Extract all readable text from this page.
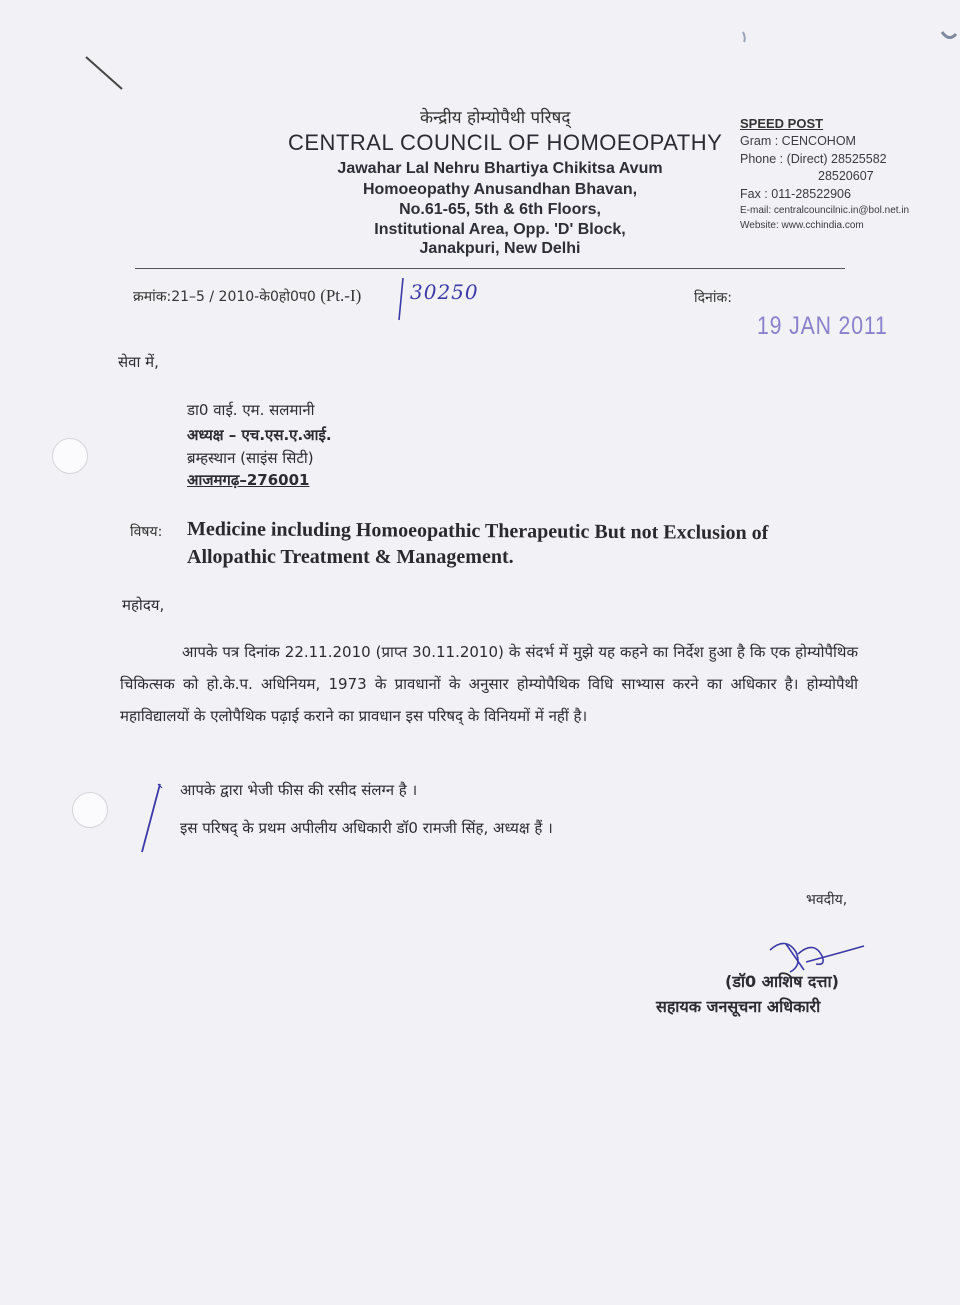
केन्द्रीय होम्योपैथी परिषद्
CENTRAL COUNCIL OF HOMOEOPATHY
Jawahar Lal Nehru Bhartiya Chikitsa Avum
Homoeopathy Anusandhan Bhavan,
No.61-65, 5th & 6th Floors,
Institutional Area, Opp. 'D' Block,
Janakpuri, New Delhi
SPEED POST
Gram : CENCOHOM
Phone : (Direct) 28525582
28520607
Fax : 011-28522906
E-mail: centralcouncilnic.in@bol.net.in
Website: www.cchindia.com
क्रमांक:21–5 / 2010-के0हो0प0 (Pt.-I) 30250	दिनांक:
19 JAN 2011
सेवा में,
डा0 वाई. एम. सलमानी
अध्यक्ष – एच.एस.ए.आई.
ब्रम्हस्थान (साइंस सिटी)
आजमगढ़–276001
विषय: Medicine including Homoeopathic Therapeutic But not Exclusion of
Allopathic Treatment & Management.
महोदय,
आपके पत्र दिनांक 22.11.2010 (प्राप्त 30.11.2010) के संदर्भ में मुझे यह कहने का निर्देश हुआ है कि एक होम्योपैथिक चिकित्सक को हो.के.प. अधिनियम, 1973 के प्रावधानों के अनुसार होम्योपैथिक विधि साभ्यास करने का अधिकार है। होम्योपैथी महाविद्यालयों के एलोपैथिक पढ़ाई कराने का प्रावधान इस परिषद् के विनियमों में नहीं है।
आपके द्वारा भेजी फीस की रसीद संलग्न है ।
इस परिषद् के प्रथम अपीलीय अधिकारी डॉ0 रामजी सिंह, अध्यक्ष हैं ।
भवदीय,
(डॉ0 आशिष दत्ता)
सहायक जनसूचना अधिकारी
